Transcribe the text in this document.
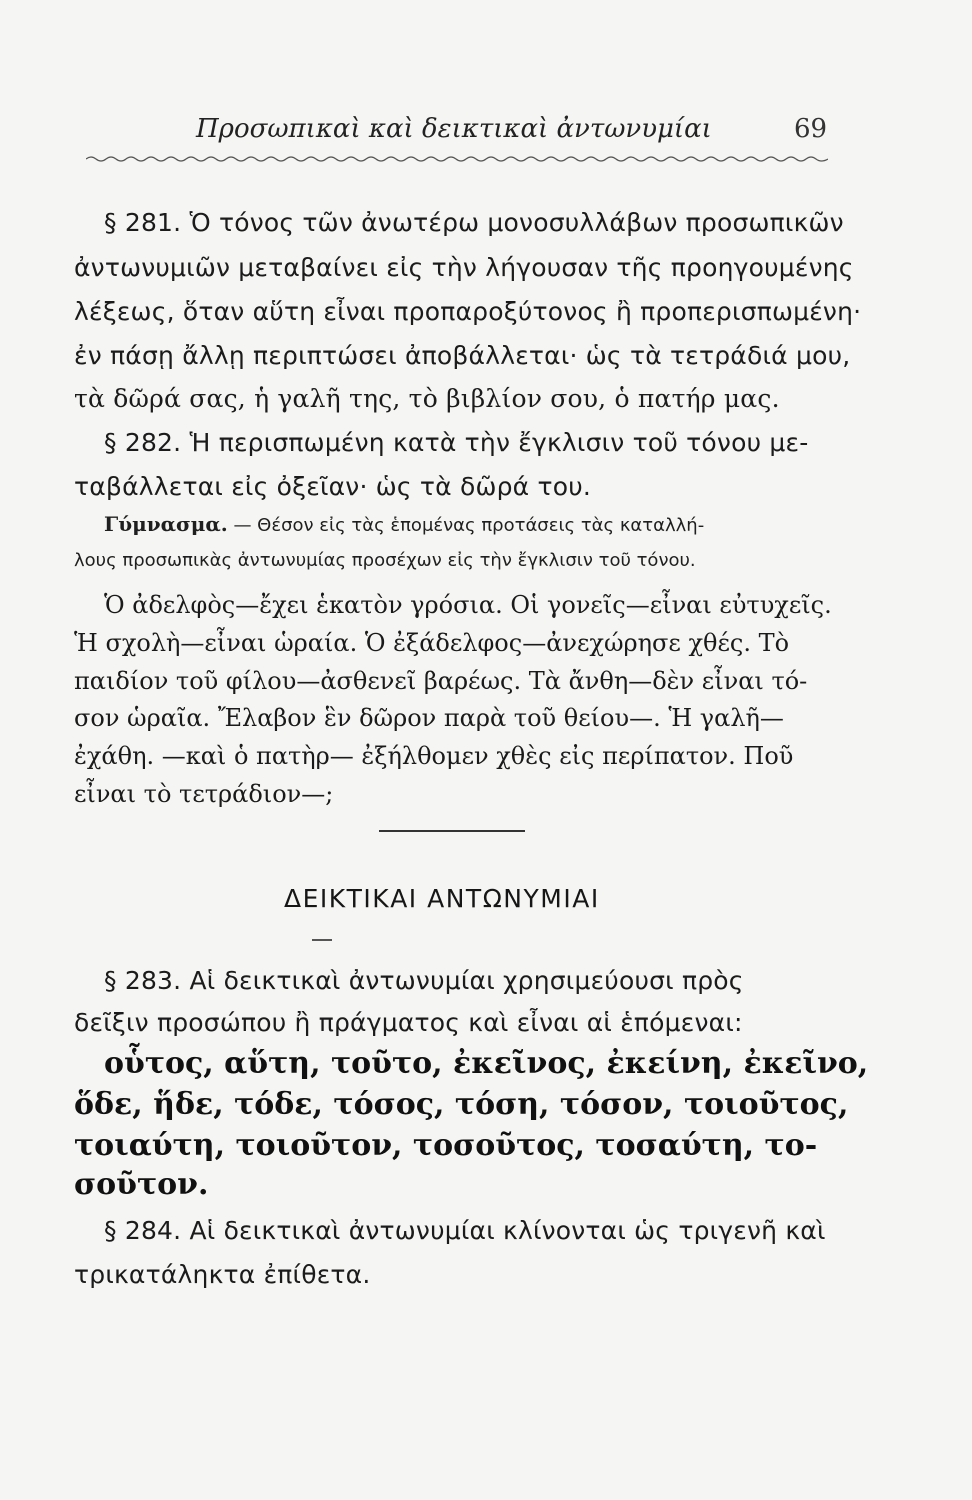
Προσωπικαὶ καὶ δεικτικαὶ ἀντωνυμίαι	69
§ 281. Ὁ τόνος τῶν ἀνωτέρω μονοσυλλάβων προσωπικῶν
ἀντωνυμιῶν μεταβαίνει εἰς τὴν λήγουσαν τῆς προηγουμένης
λέξεως, ὅταν αὕτη εἶναι προπαροξύτονος ἢ προπερισπωμένη·
ἐν πάσῃ ἄλλῃ περιπτώσει ἀποβάλλεται· ὡς τὰ τετράδιά μου,
τὰ δῶρά σας, ἡ γαλῆ της, τὸ βιβλίον σου, ὁ πατήρ μας.
§ 282. Ἡ περισπωμένη κατὰ τὴν ἔγκλισιν τοῦ τόνου με-
ταβάλλεται εἰς ὀξεῖαν· ὡς τὰ δῶρά του.
Γύμνασμα. — Θέσον εἰς τὰς ἑπομένας προτάσεις τὰς καταλλή-
λους προσωπικὰς ἀντωνυμίας προσέχων εἰς τὴν ἔγκλισιν τοῦ τόνου.
Ὁ ἀδελφὸς—ἔχει ἑκατὸν γρόσια. Οἱ γονεῖς—εἶναι εὐτυχεῖς.
Ἡ σχολὴ—εἶναι ὡραία. Ὁ ἐξάδελφος—ἀνεχώρησε χθές. Τὸ
παιδίον τοῦ φίλου—ἀσθενεῖ βαρέως. Τὰ ἄνθη—δὲν εἶναι τό-
σον ὡραῖα. Ἔλαβον ἓν δῶρον παρὰ τοῦ θείου—. Ἡ γαλῆ—
ἐχάθη. —καὶ ὁ πατὴρ— ἐξήλθομεν χθὲς εἰς περίπατον. Ποῦ
εἶναι τὸ τετράδιον—;
ΔΕΙΚΤΙΚΑΙ ΑΝΤΩΝΥΜΙΑΙ
§ 283. Αἱ δεικτικαὶ ἀντωνυμίαι χρησιμεύουσι πρὸς
δεῖξιν προσώπου ἢ πράγματος καὶ εἶναι αἱ ἑπόμεναι:
οὗτος, αὕτη, τοῦτο, ἐκεῖνος, ἐκείνη, ἐκεῖνο,
ὅδε, ἥδε, τόδε, τόσος, τόση, τόσον, τοιοῦτος,
τοιαύτη, τοιοῦτον, τοσοῦτος, τοσαύτη, το-
σοῦτον.
§ 284. Αἱ δεικτικαὶ ἀντωνυμίαι κλίνονται ὡς τριγενῆ καὶ
τρικατάληκτα ἐπίθετα.
